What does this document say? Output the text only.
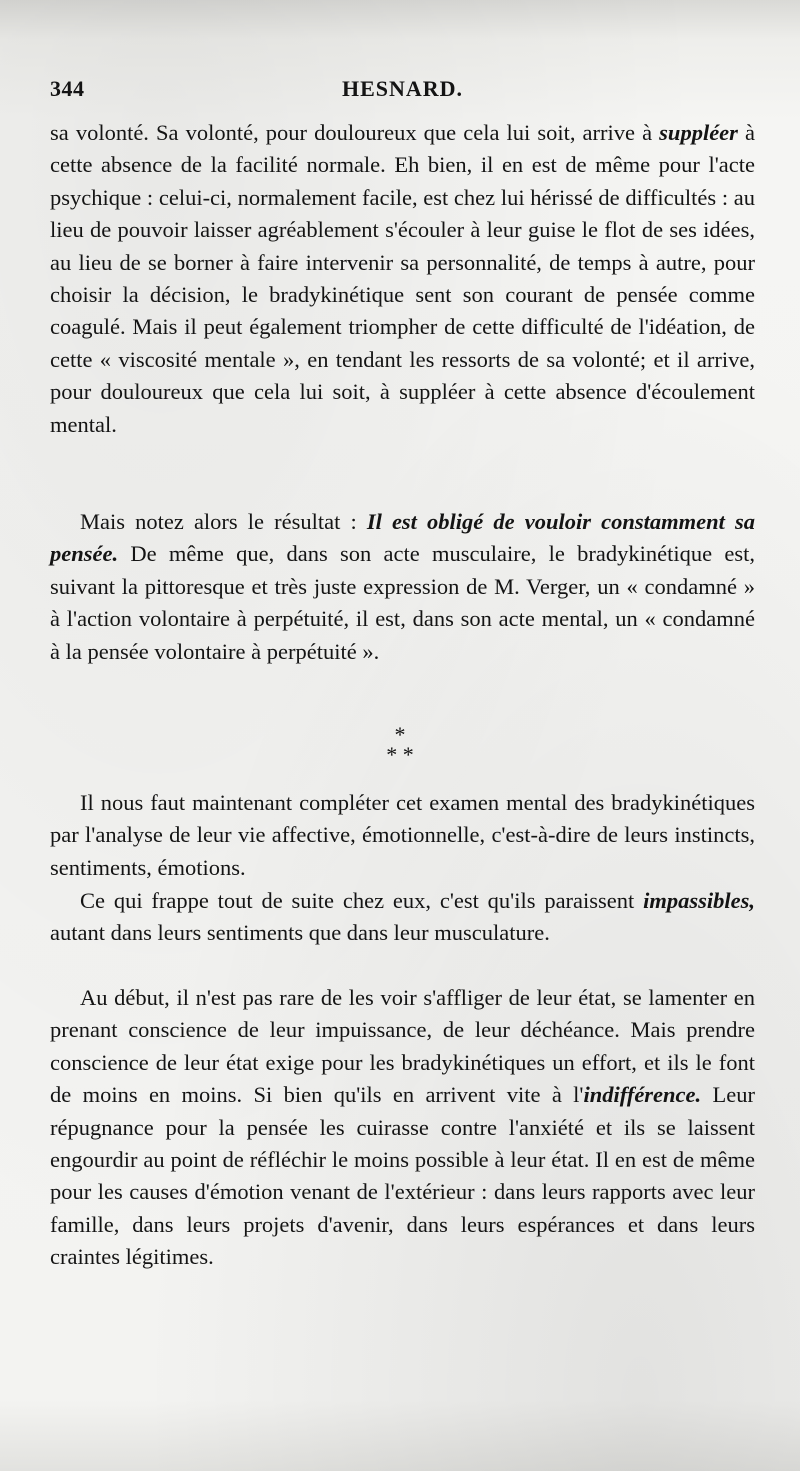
344	HESNARD.

sa volonté. Sa volonté, pour douloureux que cela lui soit, arrive à suppléer à cette absence de la facilité normale. Eh bien, il en est de même pour l'acte psychique : celui-ci, normalement facile, est chez lui hérissé de difficultés : au lieu de pouvoir laisser agréablement s'écouler à leur guise le flot de ses idées, au lieu de se borner à faire intervenir sa personnalité, de temps à autre, pour choisir la décision, le bradykinétique sent son courant de pensée comme coagulé. Mais il peut également triompher de cette difficulté de l'idéation, de cette « viscosité mentale », en tendant les ressorts de sa volonté; et il arrive, pour douloureux que cela lui soit, à suppléer à cette absence d'écoulement mental.

Mais notez alors le résultat : Il est obligé de vouloir constamment sa pensée. De même que, dans son acte musculaire, le bradykinétique est, suivant la pittoresque et très juste expression de M. Verger, un « condamné » à l'action volontaire à perpétuité, il est, dans son acte mental, un « condamné à la pensée volontaire à perpétuité ».

*
* *

Il nous faut maintenant compléter cet examen mental des bradykinétiques par l'analyse de leur vie affective, émotionnelle, c'est-à-dire de leurs instincts, sentiments, émotions.

Ce qui frappe tout de suite chez eux, c'est qu'ils paraissent impassibles, autant dans leurs sentiments que dans leur musculature.

Au début, il n'est pas rare de les voir s'affliger de leur état, se lamenter en prenant conscience de leur impuissance, de leur déchéance. Mais prendre conscience de leur état exige pour les bradykinétiques un effort, et ils le font de moins en moins. Si bien qu'ils en arrivent vite à l'indifférence. Leur répugnance pour la pensée les cuirasse contre l'anxiété et ils se laissent engourdir au point de réfléchir le moins possible à leur état. Il en est de même pour les causes d'émotion venant de l'extérieur : dans leurs rapports avec leur famille, dans leurs projets d'avenir, dans leurs espérances et dans leurs craintes légitimes.
